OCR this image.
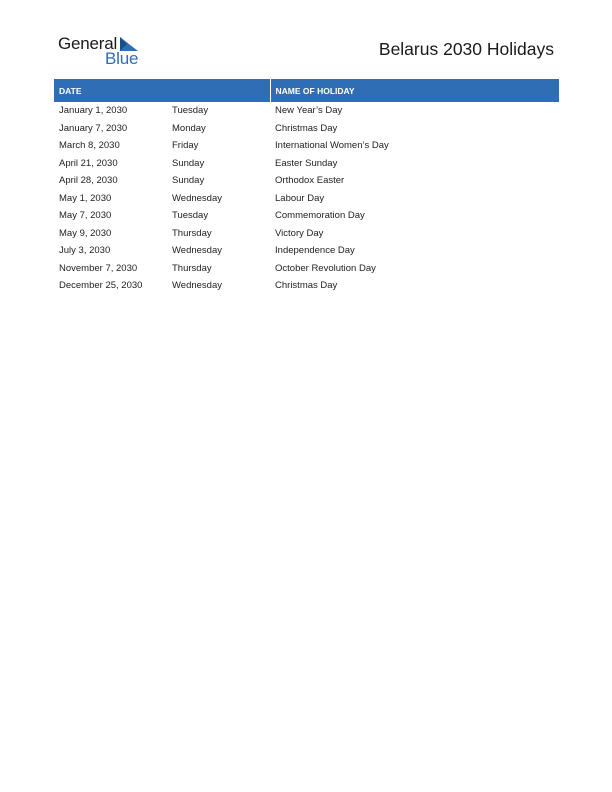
General
Blue	Belarus 2030 Holidays
DATE		NAME OF HOLIDAY
January 1, 2030	Tuesday	New Year’s Day
January 7, 2030	Monday	Christmas Day
March 8, 2030	Friday	International Women’s Day
April 21, 2030	Sunday	Easter Sunday
April 28, 2030	Sunday	Orthodox Easter
May 1, 2030	Wednesday	Labour Day
May 7, 2030	Tuesday	Commemoration Day
May 9, 2030	Thursday	Victory Day
July 3, 2030	Wednesday	Independence Day
November 7, 2030	Thursday	October Revolution Day
December 25, 2030	Wednesday	Christmas Day
